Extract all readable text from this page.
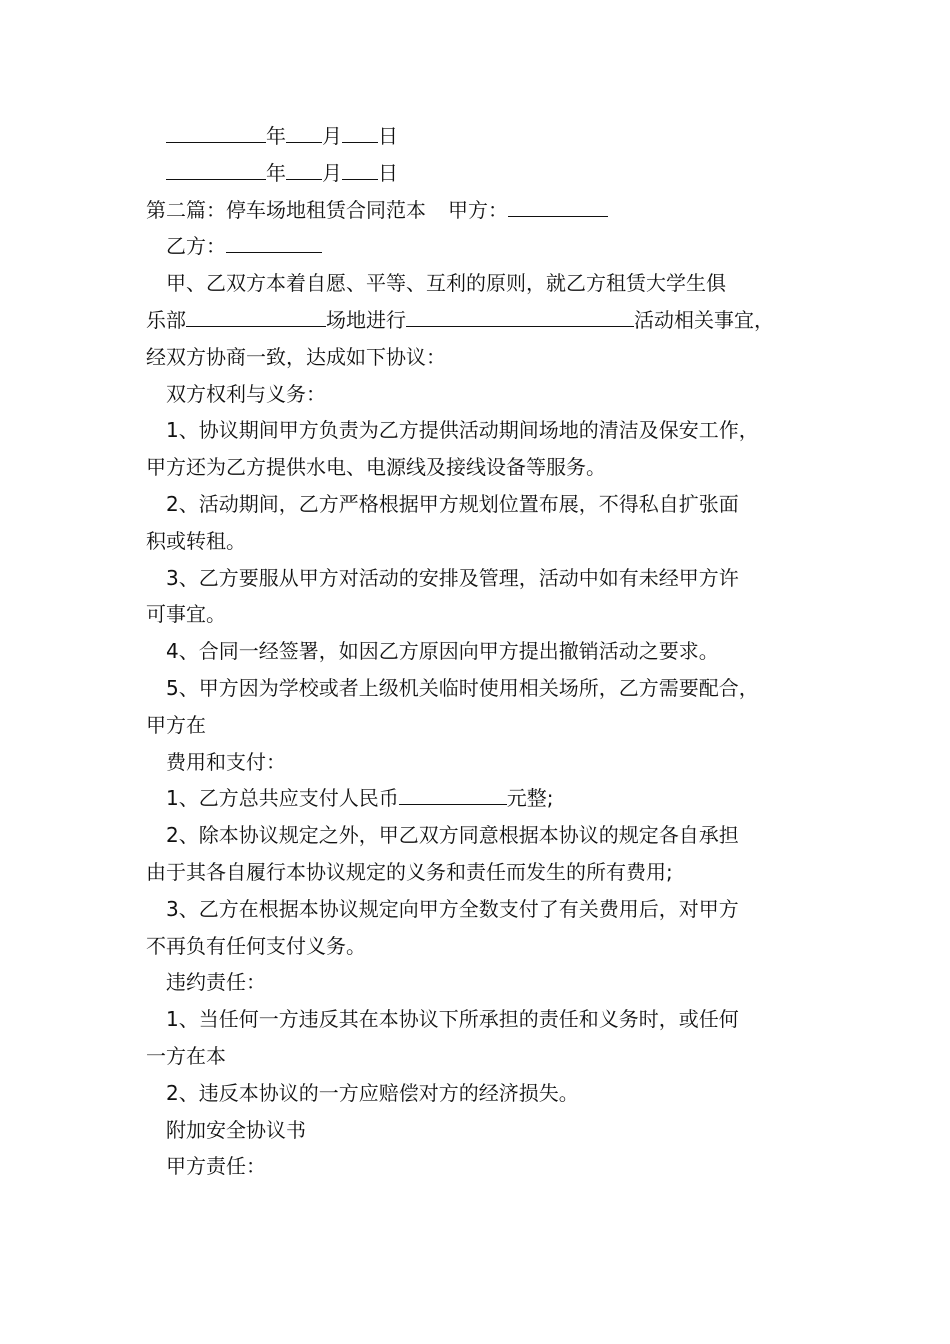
年 月 日
年 月 日
第二篇：停车场地租赁合同范本 甲方：
乙方：
甲、乙双方本着自愿、平等、互利的原则，就乙方租赁大学生俱
乐部	场地进行	活动相关事宜，
经双方协商一致，达成如下协议：
双方权利与义务：
1、协议期间甲方负责为乙方提供活动期间场地的清洁及保安工作，
甲方还为乙方提供水电、电源线及接线设备等服务。
2、活动期间，乙方严格根据甲方规划位置布展，不得私自扩张面
积或转租。
3、乙方要服从甲方对活动的安排及管理，活动中如有未经甲方许
可事宜。
4、合同一经签署，如因乙方原因向甲方提出撤销活动之要求。
5、甲方因为学校或者上级机关临时使用相关场所，乙方需要配合，
甲方在
费用和支付：
1、乙方总共应支付人民币	元整;
2、除本协议规定之外，甲乙双方同意根据本协议的规定各自承担
由于其各自履行本协议规定的义务和责任而发生的所有费用;
3、乙方在根据本协议规定向甲方全数支付了有关费用后，对甲方
不再负有任何支付义务。
违约责任：
1、当任何一方违反其在本协议下所承担的责任和义务时，或任何
一方在本
2、违反本协议的一方应赔偿对方的经济损失。
附加安全协议书
甲方责任：
